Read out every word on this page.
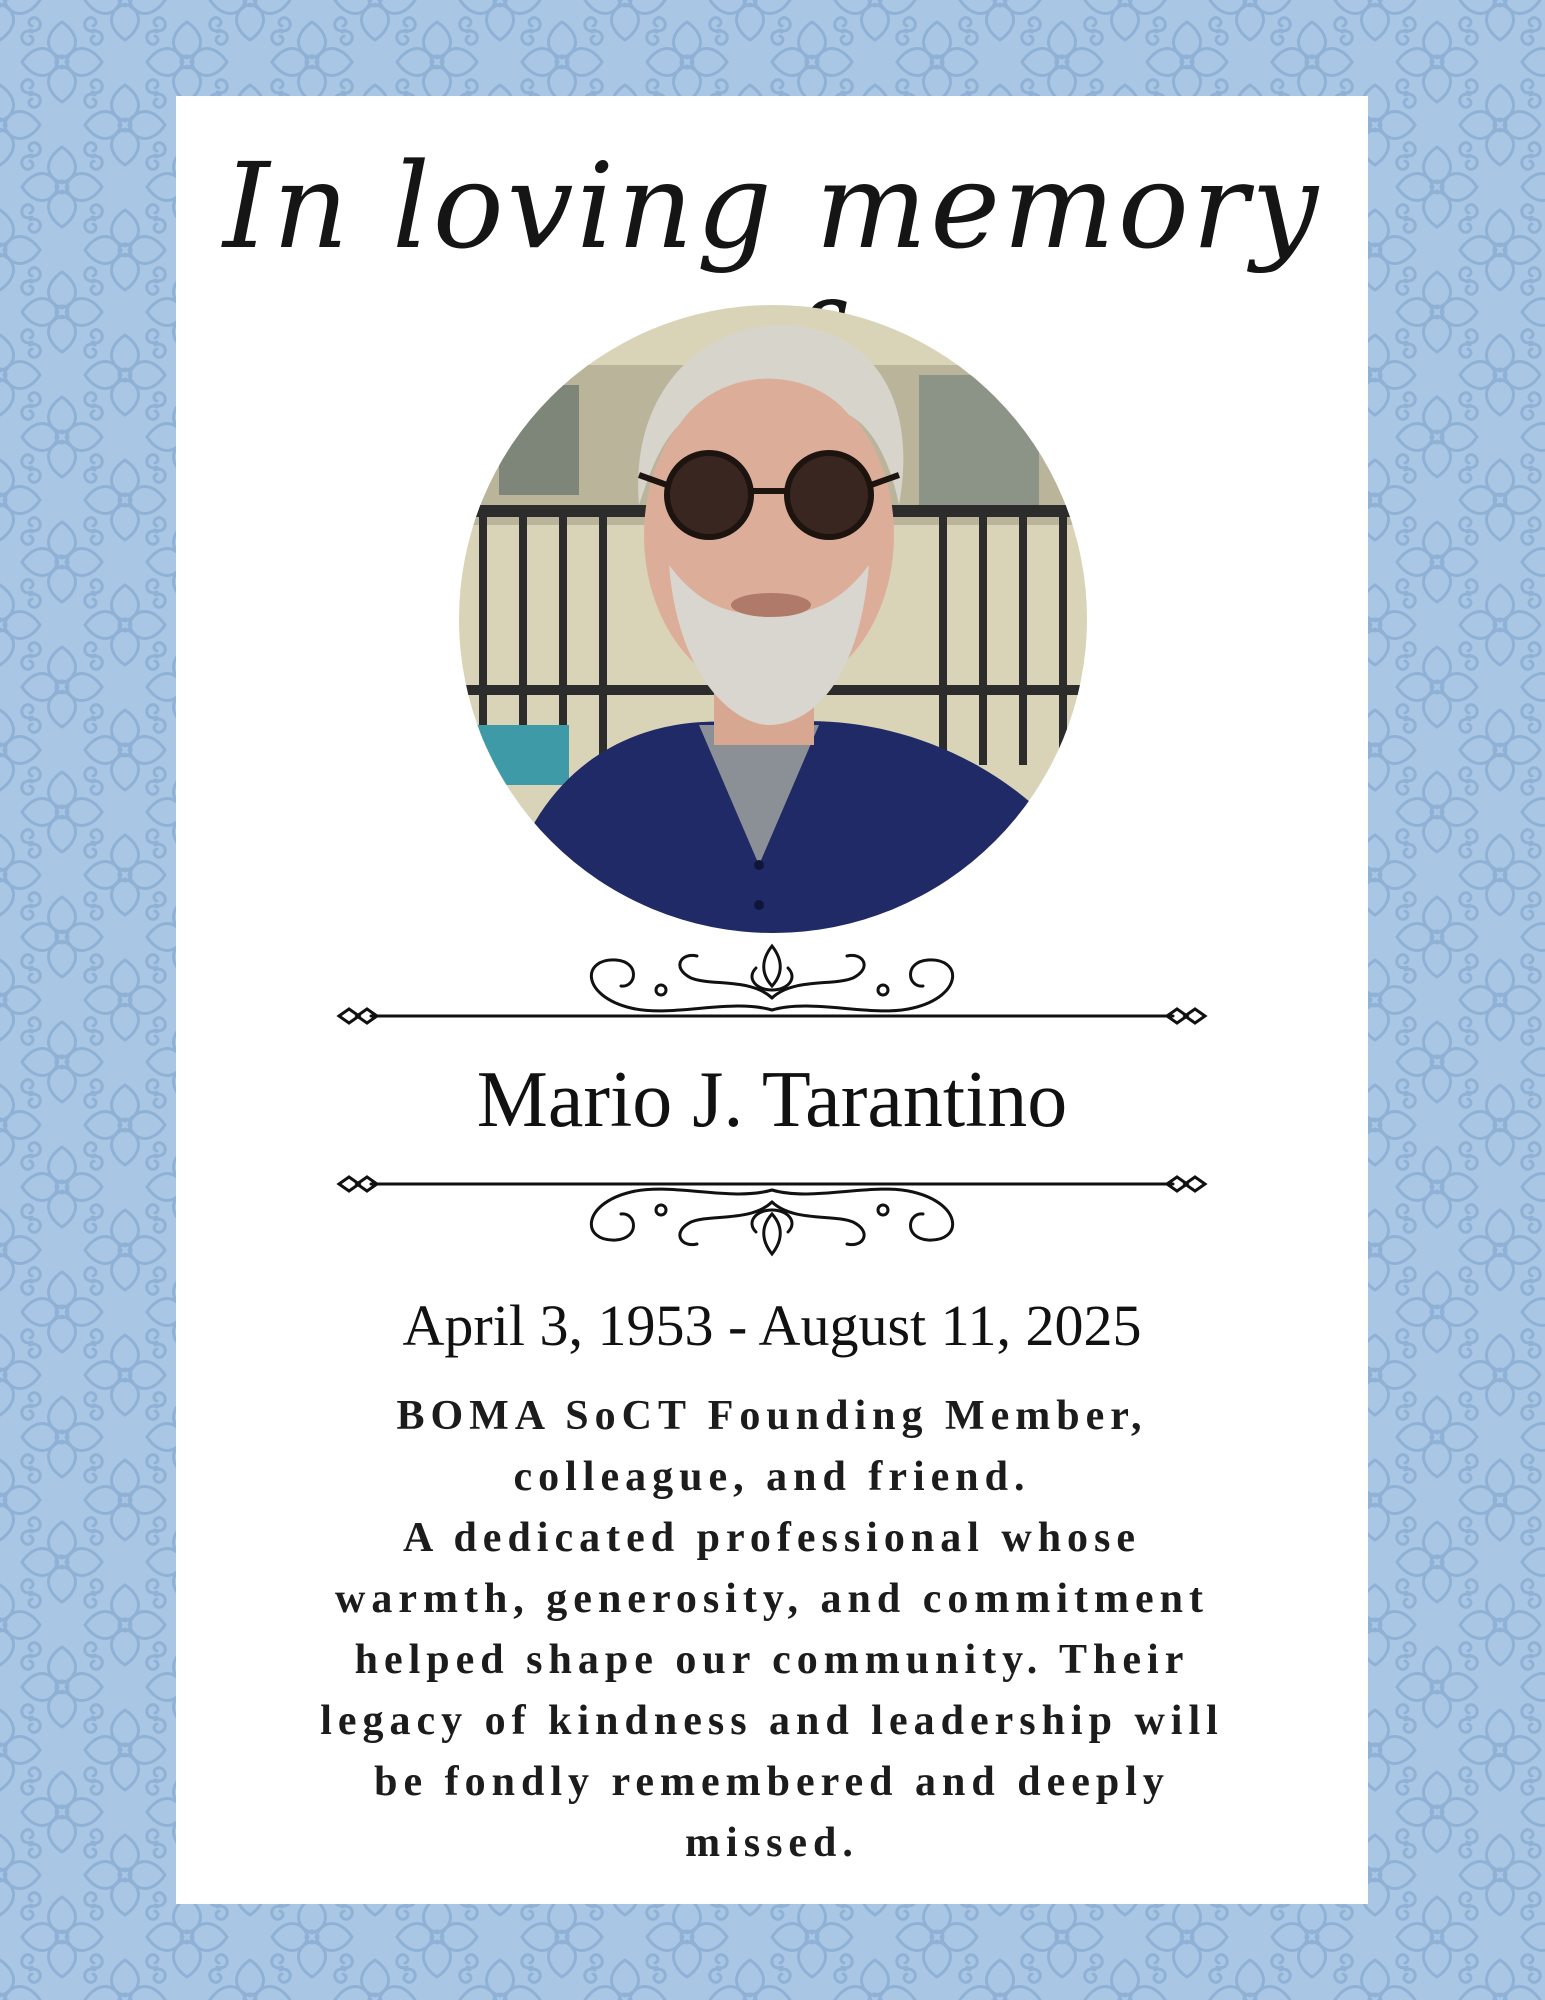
In loving memory
Mario J. Tarantino
April 3, 1953 - August 11, 2025
BOMA SoCT Founding Member,
colleague, and friend.
A dedicated professional whose
warmth, generosity, and commitment
helped shape our community. Their
legacy of kindness and leadership will
be fondly remembered and deeply
missed.
